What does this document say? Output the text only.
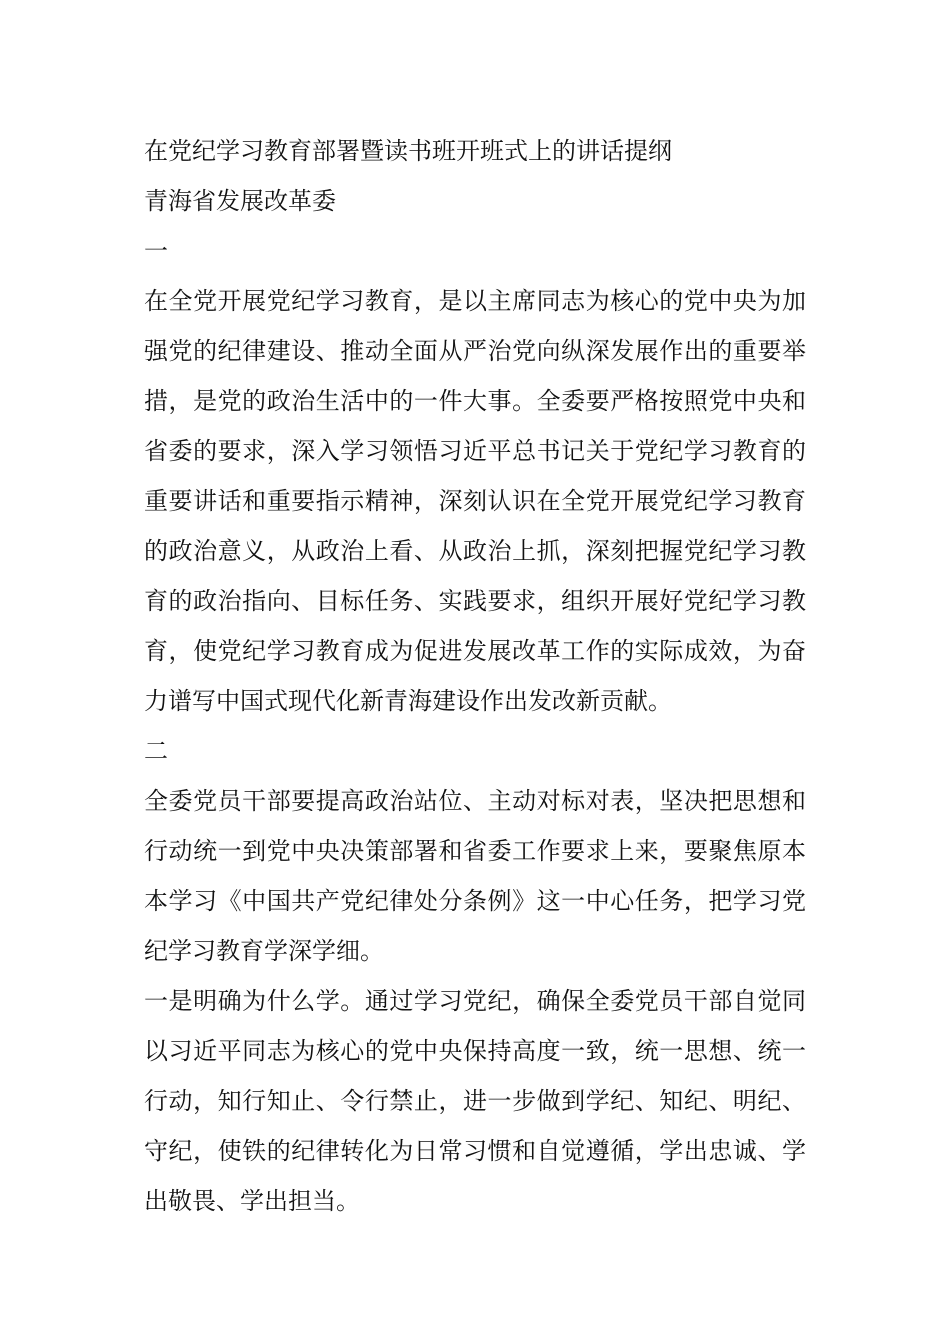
在党纪学习教育部署暨读书班开班式上的讲话提纲
青海省发展改革委
一
在全党开展党纪学习教育，是以主席同志为核心的党中央为加强党的纪律建设、推动全面从严治党向纵深发展作出的重要举措，是党的政治生活中的一件大事。全委要严格按照党中央和省委的要求，深入学习领悟习近平总书记关于党纪学习教育的重要讲话和重要指示精神，深刻认识在全党开展党纪学习教育的政治意义，从政治上看、从政治上抓，深刻把握党纪学习教育的政治指向、目标任务、实践要求，组织开展好党纪学习教育，使党纪学习教育成为促进发展改革工作的实际成效，为奋力谱写中国式现代化新青海建设作出发改新贡献。
二
全委党员干部要提高政治站位、主动对标对表，坚决把思想和行动统一到党中央决策部署和省委工作要求上来，要聚焦原本本学习《中国共产党纪律处分条例》这一中心任务，把学习党纪学习教育学深学细。
一是明确为什么学。通过学习党纪，确保全委党员干部自觉同以习近平同志为核心的党中央保持高度一致，统一思想、统一行动，知行知止、令行禁止，进一步做到学纪、知纪、明纪、守纪，使铁的纪律转化为日常习惯和自觉遵循，学出忠诚、学出敬畏、学出担当。
